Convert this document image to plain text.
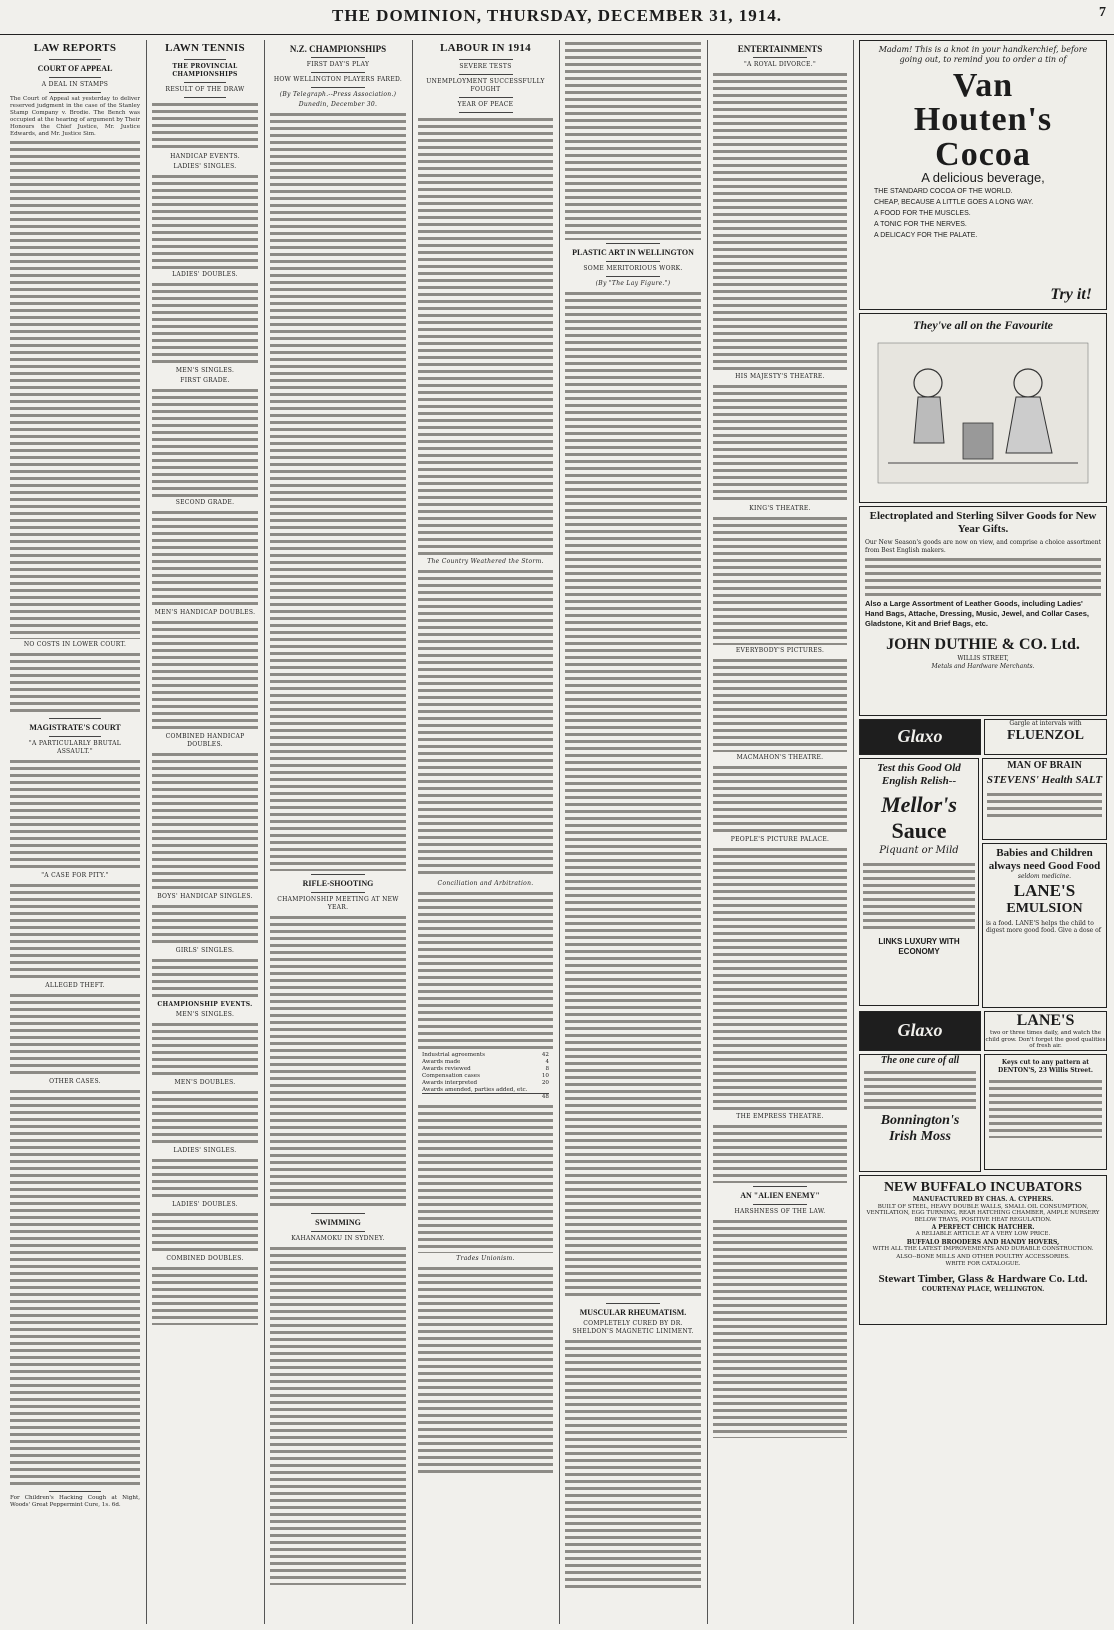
THE DOMINION, THURSDAY, DECEMBER 31, 1914.	7
LAW REPORTS
COURT OF APPEAL
A DEAL IN STAMPS

The Court of Appeal sat yesterday to deliver reserved judgment in the case of the Stanley Stamp Company v. Brodie. The Bench was occupied at the hearing of argument by Their Honours the Chief Justice, Mr. Justice Edwards, and Mr. Justice Sim.

NO COSTS IN LOWER COURT.
MAGISTRATE'S COURT
"A PARTICULARLY BRUTAL ASSAULT."
"A CASE FOR PITY."
ALLEGED THEFT.
OTHER CASES.
For Children's Hacking Cough at Night, Woods' Great Peppermint Cure, 1s. 6d.
LAWN TENNIS
THE PROVINCIAL CHAMPIONSHIPS
RESULT OF THE DRAW
HANDICAP EVENTS.
LADIES' SINGLES.
LADIES' DOUBLES.
MEN'S SINGLES.
FIRST GRADE.
SECOND GRADE.
MEN'S HANDICAP DOUBLES.
COMBINED HANDICAP DOUBLES.
BOYS' HANDICAP SINGLES.
GIRLS' SINGLES.
CHAMPIONSHIP EVENTS.
MEN'S SINGLES.
MEN'S DOUBLES.
LADIES' SINGLES.
LADIES' DOUBLES.
COMBINED DOUBLES.
N.Z. CHAMPIONSHIPS
FIRST DAY'S PLAY
HOW WELLINGTON PLAYERS FARED.
(By Telegraph.--Press Association.)
Dunedin, December 30.
RIFLE-SHOOTING
CHAMPIONSHIP MEETING AT NEW YEAR.
SWIMMING
KAHANAMOKU IN SYDNEY.
LABOUR IN 1914
SEVERE TESTS
UNEMPLOYMENT SUCCESSFULLY FOUGHT
YEAR OF PEACE
The Country Weathered the Storm.
Conciliation and Arbitration.
Industrial agreements	42
Awards made	4
Awards reviewed	8
Compensation cases	10
Awards interpreted	20
Awards amended, parties added, etc.
48
Trades Unionism.
PLASTIC ART IN WELLINGTON
SOME MERITORIOUS WORK.
(By "The Lay Figure.")
MUSCULAR RHEUMATISM.
COMPLETELY CURED BY DR. SHELDON'S MAGNETIC LINIMENT.
ENTERTAINMENTS
"A ROYAL DIVORCE."
HIS MAJESTY'S THEATRE.
KING'S THEATRE.
EVERYBODY'S PICTURES.
MACMAHON'S THEATRE.
PEOPLE'S PICTURE PALACE.
THE EMPRESS THEATRE.
AN "ALIEN ENEMY"
HARSHNESS OF THE LAW.
Madam! This is a knot in your handkerchief, before going out, to remind you to order a tin of
Van
Houten's
Cocoa
A delicious beverage,
THE STANDARD COCOA OF THE WORLD.
CHEAP, BECAUSE A LITTLE GOES A LONG WAY.
A FOOD FOR THE MUSCLES.
A TONIC FOR THE NERVES.
A DELICACY FOR THE PALATE.
Try it!
They've all on the Favourite
Electroplated and Sterling Silver Goods for New Year Gifts.
Our New Season's goods are now on view, and comprise a choice assortment from Best English makers.
Also a Large Assortment of Leather Goods, including Ladies' Hand Bags, Attache, Dressing, Music, Jewel, and Collar Cases, Gladstone, Kit and Brief Bags, etc.
JOHN DUTHIE & CO. Ltd.
WILLIS STREET,
Metals and Hardware Merchants.
Glaxo
Gargle at intervals with
FLUENZOL
Test this Good Old English Relish--
Mellor's
Sauce
Piquant or Mild
LINKS LUXURY WITH ECONOMY
MAN OF BRAIN
STEVENS' Health SALT
Babies and Children always need Good Food
seldom medicine.
LANE'S
EMULSION
is a food. LANE'S helps the child to digest more good food. Give a dose of
Glaxo	LANE'S
two or three times daily, and watch the child grow. Don't forget the good qualities of fresh air.
The one cure of all
Bonnington's
Irish Moss
Keys cut to any pattern at DENTON'S, 23 Willis Street.
NEW BUFFALO INCUBATORS
MANUFACTURED BY CHAS. A. CYPHERS.
BUILT OF STEEL, HEAVY DOUBLE WALLS, SMALL OIL CONSUMPTION, VENTILATION, EGG TURNING, REAR HATCHING CHAMBER, AMPLE NURSERY BELOW TRAYS, POSITIVE HEAT REGULATION.
A PERFECT CHICK HATCHER.
A RELIABLE ARTICLE AT A VERY LOW PRICE.
BUFFALO BROODERS AND HANDY HOVERS,
WITH ALL THE LATEST IMPROVEMENTS AND DURABLE CONSTRUCTION.
ALSO--BONE MILLS AND OTHER POULTRY ACCESSORIES.
WRITE FOR CATALOGUE.
Stewart Timber, Glass & Hardware Co. Ltd.
COURTENAY PLACE, WELLINGTON.
